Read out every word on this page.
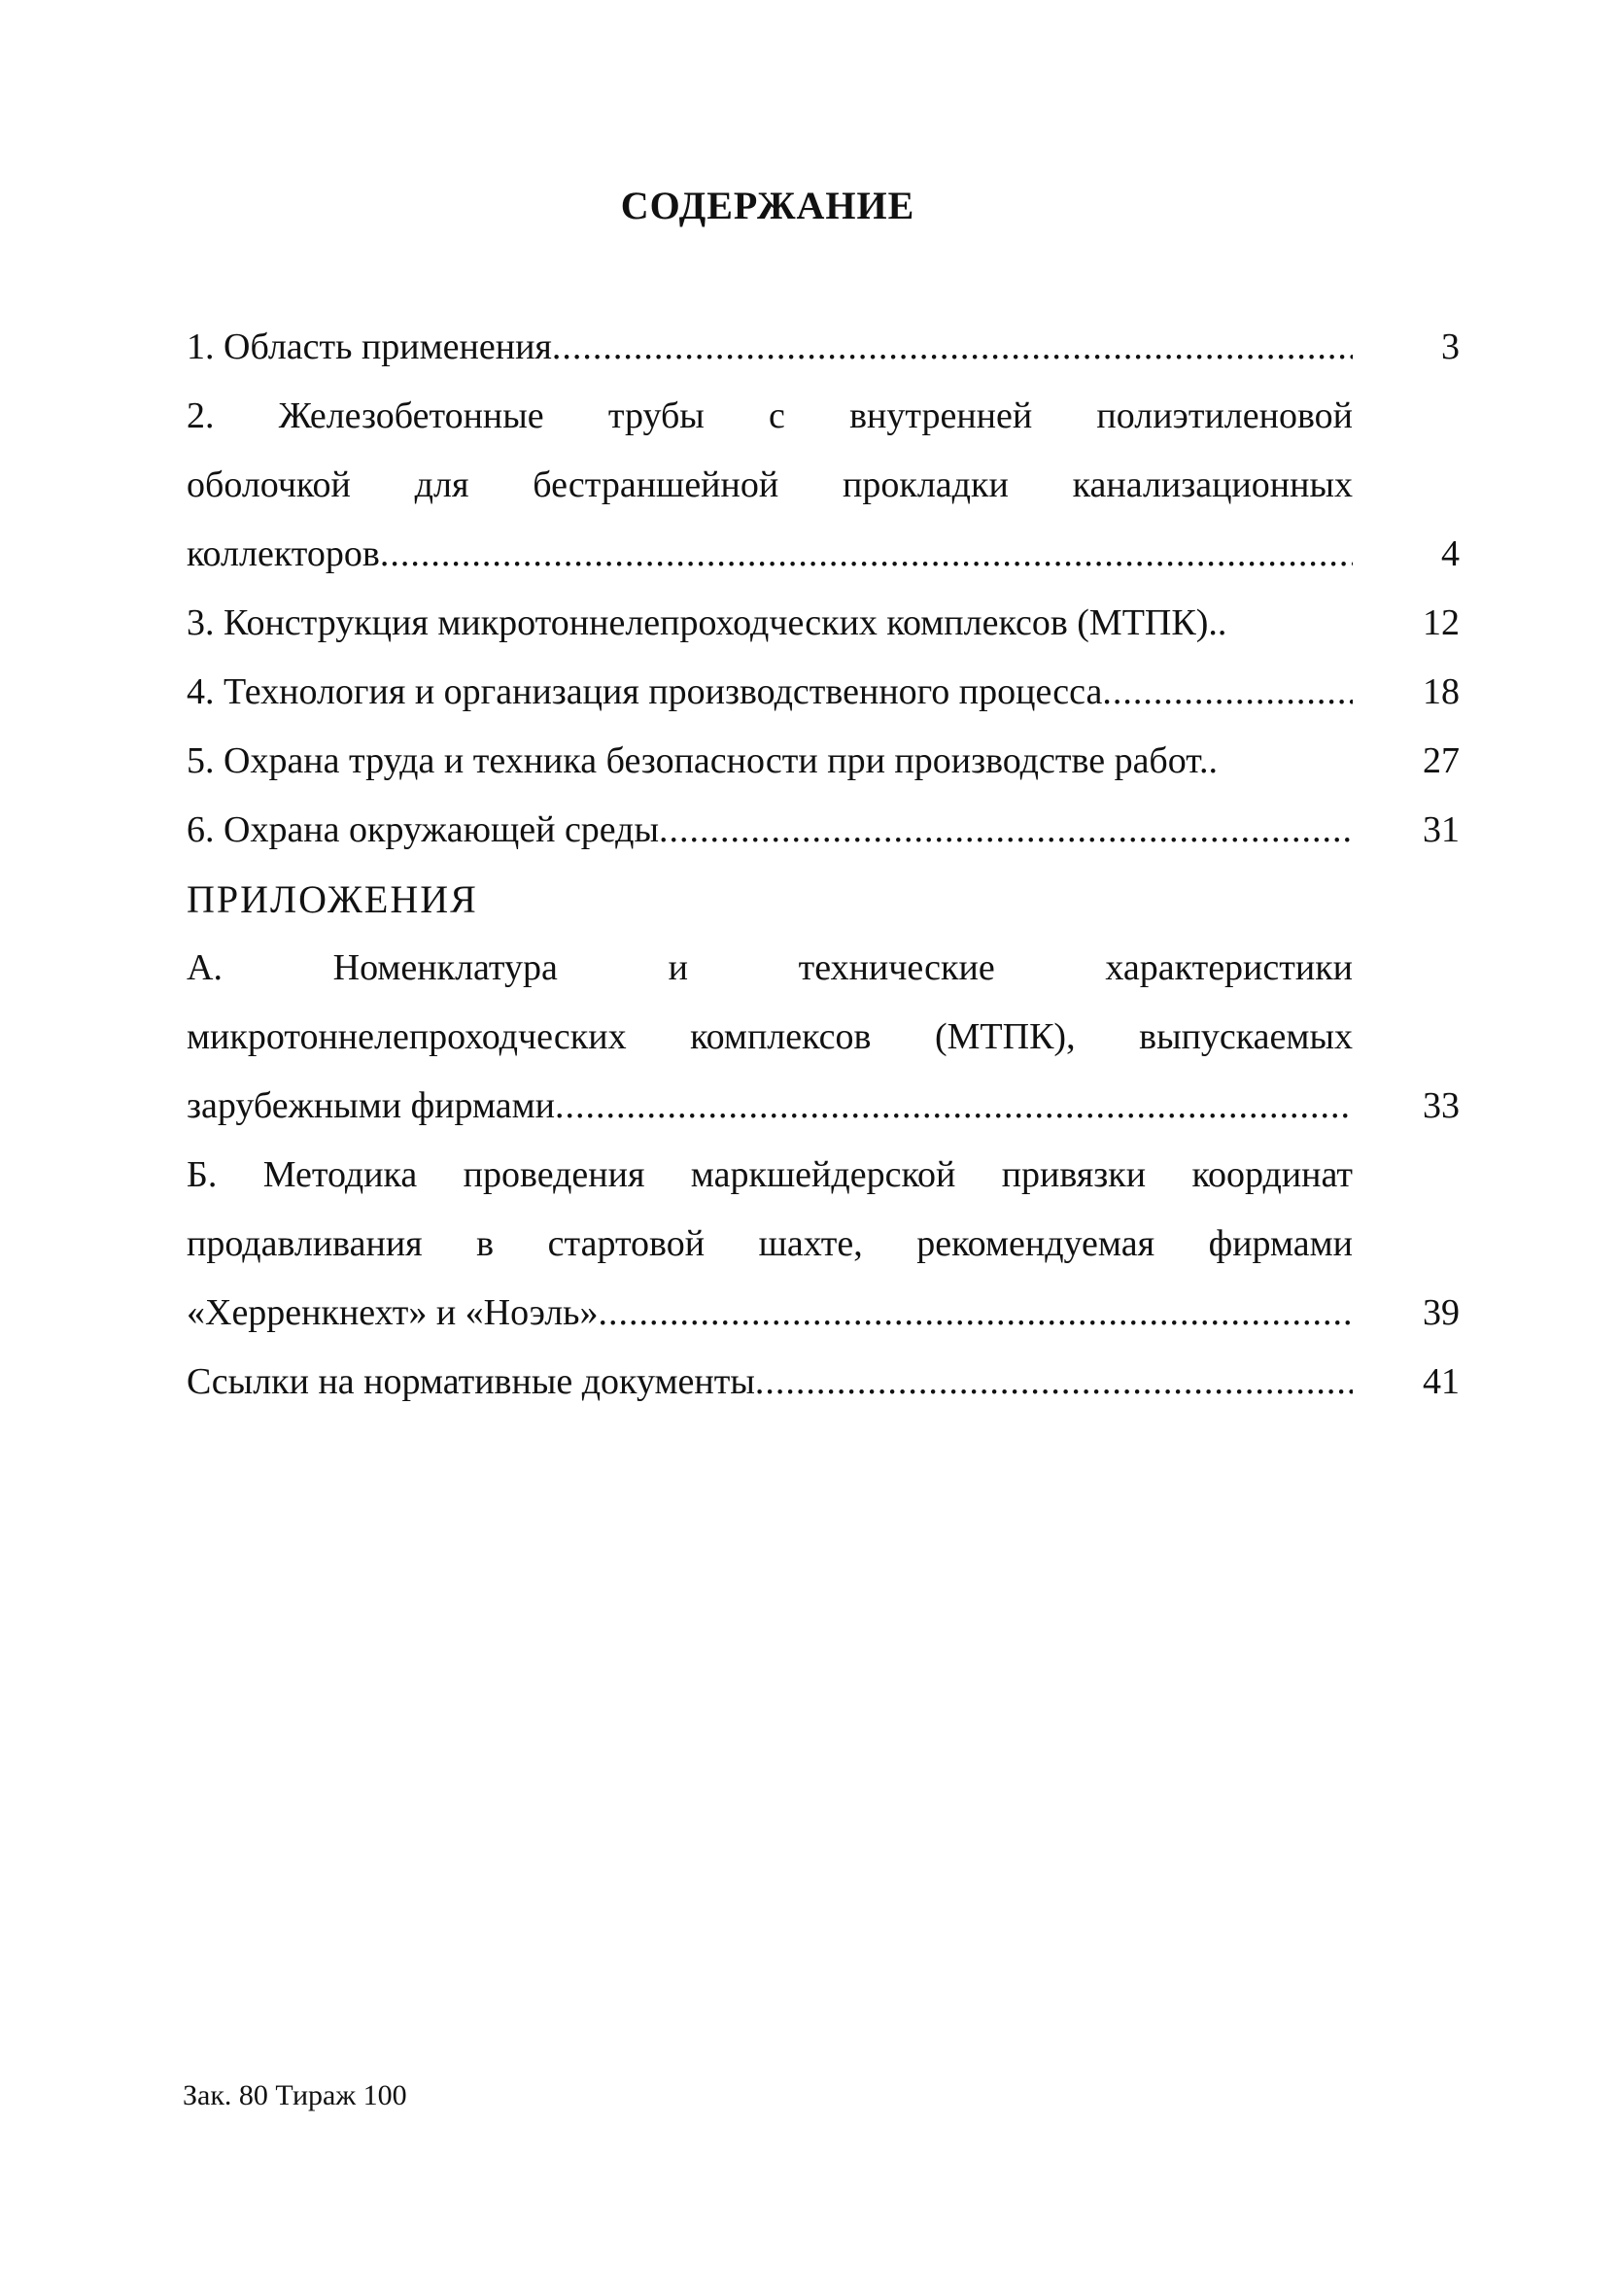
СОДЕРЖАНИЕ
1. Область применения .....	3
2. Железобетонные трубы с внутренней полиэтиленовой
оболочкой для бестраншейной прокладки канализационных
коллекторов .....	4
3. Конструкция микротоннелепроходческих комплексов (МТПК)..	12
4. Технология и организация производственного процесса .....	18
5. Охрана труда и техника безопасности при производстве работ..	27
6. Охрана окружающей среды .....	31
ПРИЛОЖЕНИЯ
А. Номенклатура и технические характеристики
микротоннелепроходческих комплексов (МТПК), выпускаемых
зарубежными фирмами .....	33
Б. Методика проведения маркшейдерской привязки координат
продавливания в стартовой шахте, рекомендуемая фирмами
«Херренкнехт» и «Ноэль» .....	39
Ссылки на нормативные документы .....	41
Зак. 80 Тираж 100
